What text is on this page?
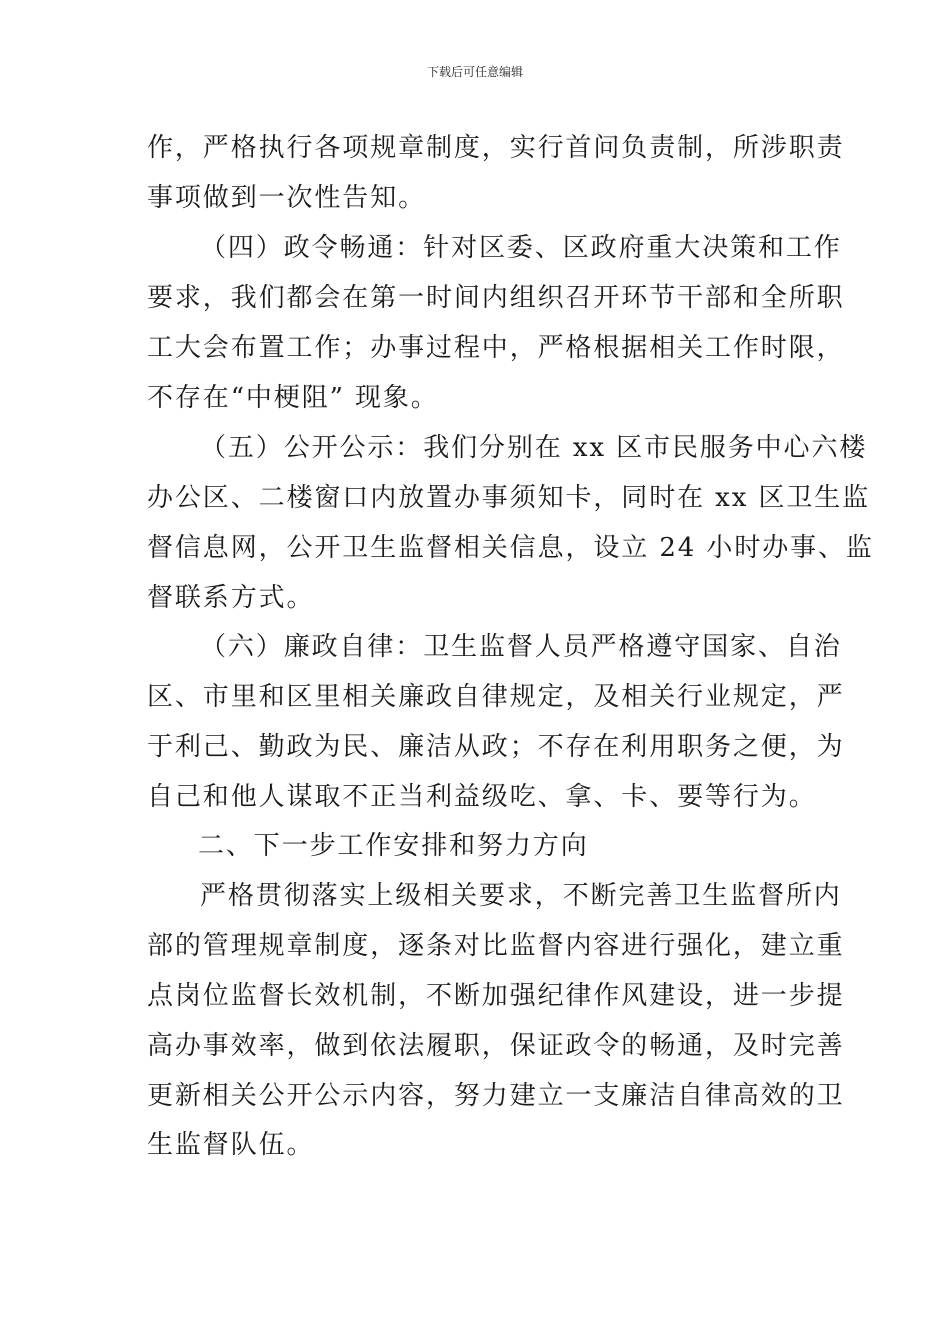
下载后可任意编辑
作，严格执行各项规章制度，实行首问负责制，所涉职责
事项做到一次性告知。
（四）政令畅通：针对区委、区政府重大决策和工作
要求，我们都会在第一时间内组织召开环节干部和全所职
工大会布置工作；办事过程中，严格根据相关工作时限，
不存在“中梗阻” 现象。
（五）公开公示：我们分别在 xx 区市民服务中心六楼
办公区、二楼窗口内放置办事须知卡，同时在 xx 区卫生监
督信息网，公开卫生监督相关信息，设立 24 小时办事、监
督联系方式。
（六）廉政自律：卫生监督人员严格遵守国家、自治
区、市里和区里相关廉政自律规定，及相关行业规定，严
于利己、勤政为民、廉洁从政；不存在利用职务之便，为
自己和他人谋取不正当利益级吃、拿、卡、要等行为。
二、下一步工作安排和努力方向
严格贯彻落实上级相关要求，不断完善卫生监督所内
部的管理规章制度，逐条对比监督内容进行强化，建立重
点岗位监督长效机制，不断加强纪律作风建设，进一步提
高办事效率，做到依法履职，保证政令的畅通，及时完善
更新相关公开公示内容，努力建立一支廉洁自律高效的卫
生监督队伍。
